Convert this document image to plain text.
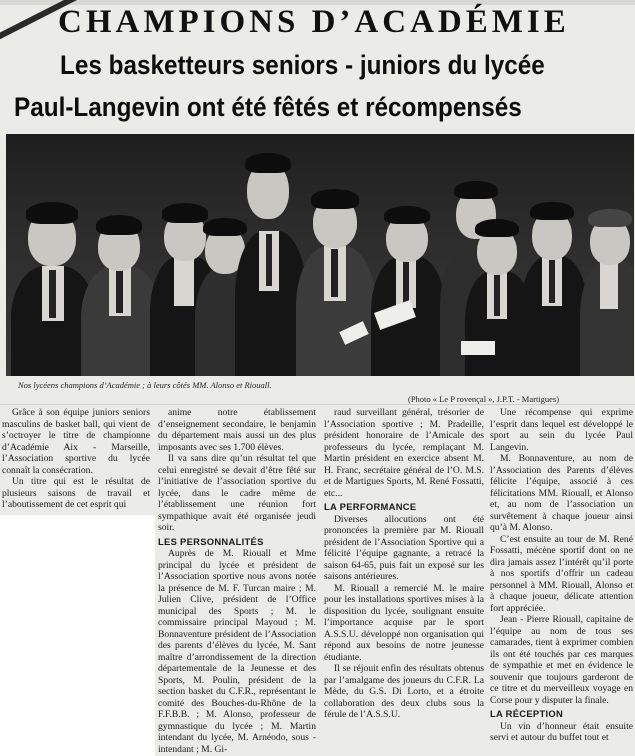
CHAMPIONS D’ACADÉMIE
Les basketteurs seniors - juniors du lycée
Paul-Langevin ont été fêtés et récompensés
Nos lycéens champions d’Académie ; à leurs côtés MM. Alonso et Riouall.
(Photo « Le P rovençal », J.P.T. - Martigues)

Grâce à son équipe juniors seniors masculins de basket ball, qui vient de s’octroyer le titre de championne d’Académie Aix - Marseille, l’Association sportive du lycée connaît la consécration.

Un titre qui est le résultat de plusieurs saisons de travail et l’aboutissement de cet esprit qui

anime notre établissement d’enseignement secondaire, le benjamin du département mais aussi un des plus imposants avec ses 1.700 élèves.

Il va sans dire qu’un résultat tel que celui enregistré se devait d’être fêté sur l’initiative de l’association sportive du lycée, dans le cadre même de l’établissement une réunion fort sympathique avait été organisée jeudi soir.

LES PERSONNALITÉS

Auprès de M. Riouall et Mme principal du lycée et président de l’Association sportive nous avons notée la présence de M. F. Turcan maire ; M. Julien Clive, président de l’Office municipal des Sports ; M. le commissaire principal Mayoud ; M. Bonnaventure président de l’Association des parents d’élèves du lycée, M. Sant maître d’arrondissement de la direction départementale de la Jeunesse et des Sports, M. Poulin, président de la section basket du C.F.R., représentant le comité des Bouches-du-Rhône de la F.F.B.B. ; M. Alonso, professeur de gymnastique du lycée ; M. Martin intendant du lycée, M. Arnéodo, sous - intendant ; M. Gi-

raud surveillant général, trésorier de l’Association sportive ; M. Pradeille, président honoraire de l’Amicale des professeurs du lycée, remplaçant M. Martin président en exercice absent M. H. Franc, secrétaire général de l’O. M.S. et de Martigues Sports, M. René Fossatti, etc...

LA PERFORMANCE

Diverses allocutions ont été prononcées la première par M. Riouall président de l’Association Sportive qui a félicité l’équipe gagnante, a retracé la saison 64-65, puis fait un exposé sur les saisons antérieures.

M. Riouall a remercié M. le maire pour les installations sportives mises à la disposition du lycée, soulignant ensuite l’importance acquise par le sport A.S.S.U. développé non organisation qui répond aux besoins de notre jeunesse étudiante.

Il se réjouit enfin des résultats obtenus par l’amalgame des joueurs du C.F.R. La Mède, du G.S. Di Lorto, et a étroite collaboration des deux clubs sous la férule de l’A.S.S.U.

Une récompense qui exprime l’esprit dans lequel est développé le sport au sein du lycée Paul Langevin.

M. Bonnaventure, au nom de l’Association des Parents d’élèves félicite l’équipe, associé à ces félicitations MM. Riouall, et Alonso et, au nom de l’association un survêtement à chaque joueur ainsi qu’à M. Alonso.

C’est ensuite au tour de M. René Fossatti, mécène sportif dont on ne dira jamais assez l’intérêt qu’il porte à nos sportifs d’offrir un cadeau personnel à MM. Riouall, Alonso et à chaque joueur, délicate attention fort appréciée.

Jean - Pierre Riouall, capitaine de l’équipe au nom de tous ses camarades, tient à exprimer combien ils ont été touchés par ces marques de sympathie et met en évidence le souvenir que toujours garderont de ce titre et du merveilleux voyage en Corse pour y disputer la finale.

LA RÉCEPTION

Un vin d’honneur était ensuite servi et autour du buffet tout et
